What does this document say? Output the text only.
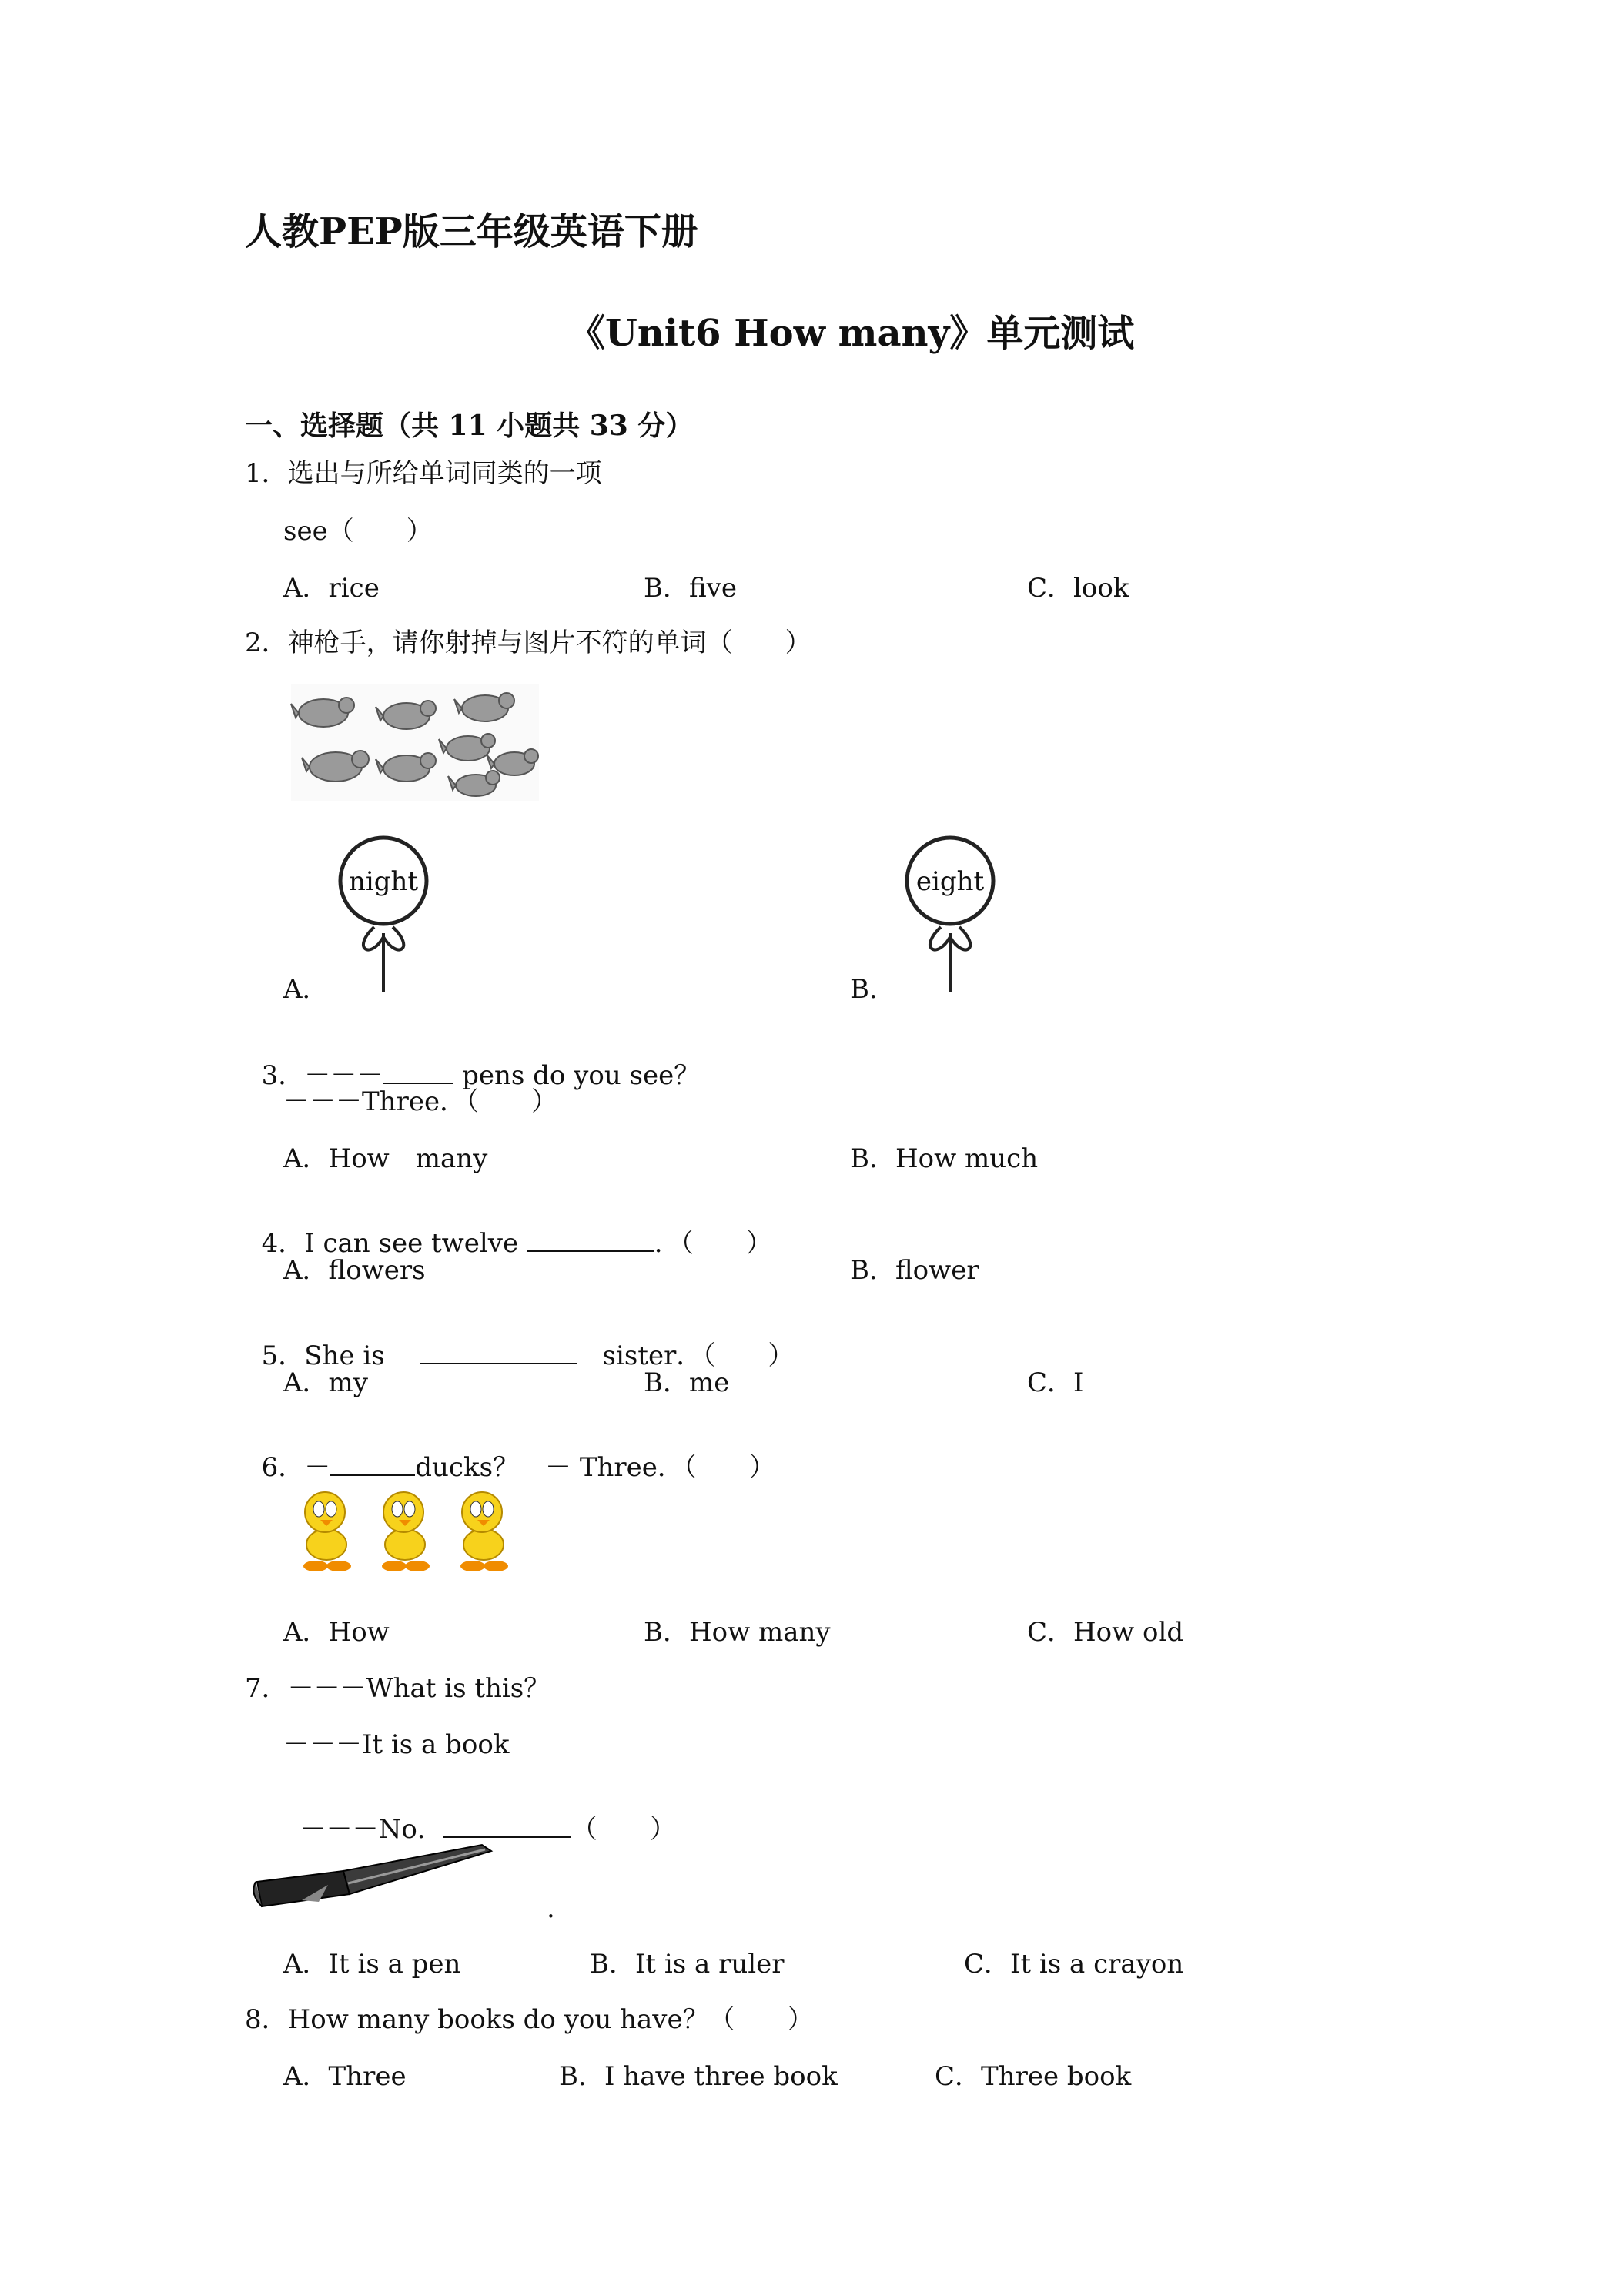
人教PEP版三年级英语下册
《Unit6 How many》单元测试
一、选择题（共 11 小题共 33 分）
1．选出与所给单词同类的一项
see（　　）
A．rice	B．five	C．look
2．神枪手，请你射掉与图片不符的单词（　　）
A．
night
B．
eight

3．－－－	pens do you see？

－－－Three．（　　）
A．How　many	B．How much

4．I can see twelve	．（　　）

A．flowers	B．flower

5．She is　 　	sister．（　　）

A．my	B．me	C．I

6．－	ducks？　－ Three．（　　）

A．How	B．How many	C．How old
7．－－－What is this？
－－－It is a book

－－－No．	（　　）

.
A．It is a pen	B．It is a ruler	C．It is a crayon
8．How many books do you have？（　　）
A．Three	B．I have three book	C．Three book
